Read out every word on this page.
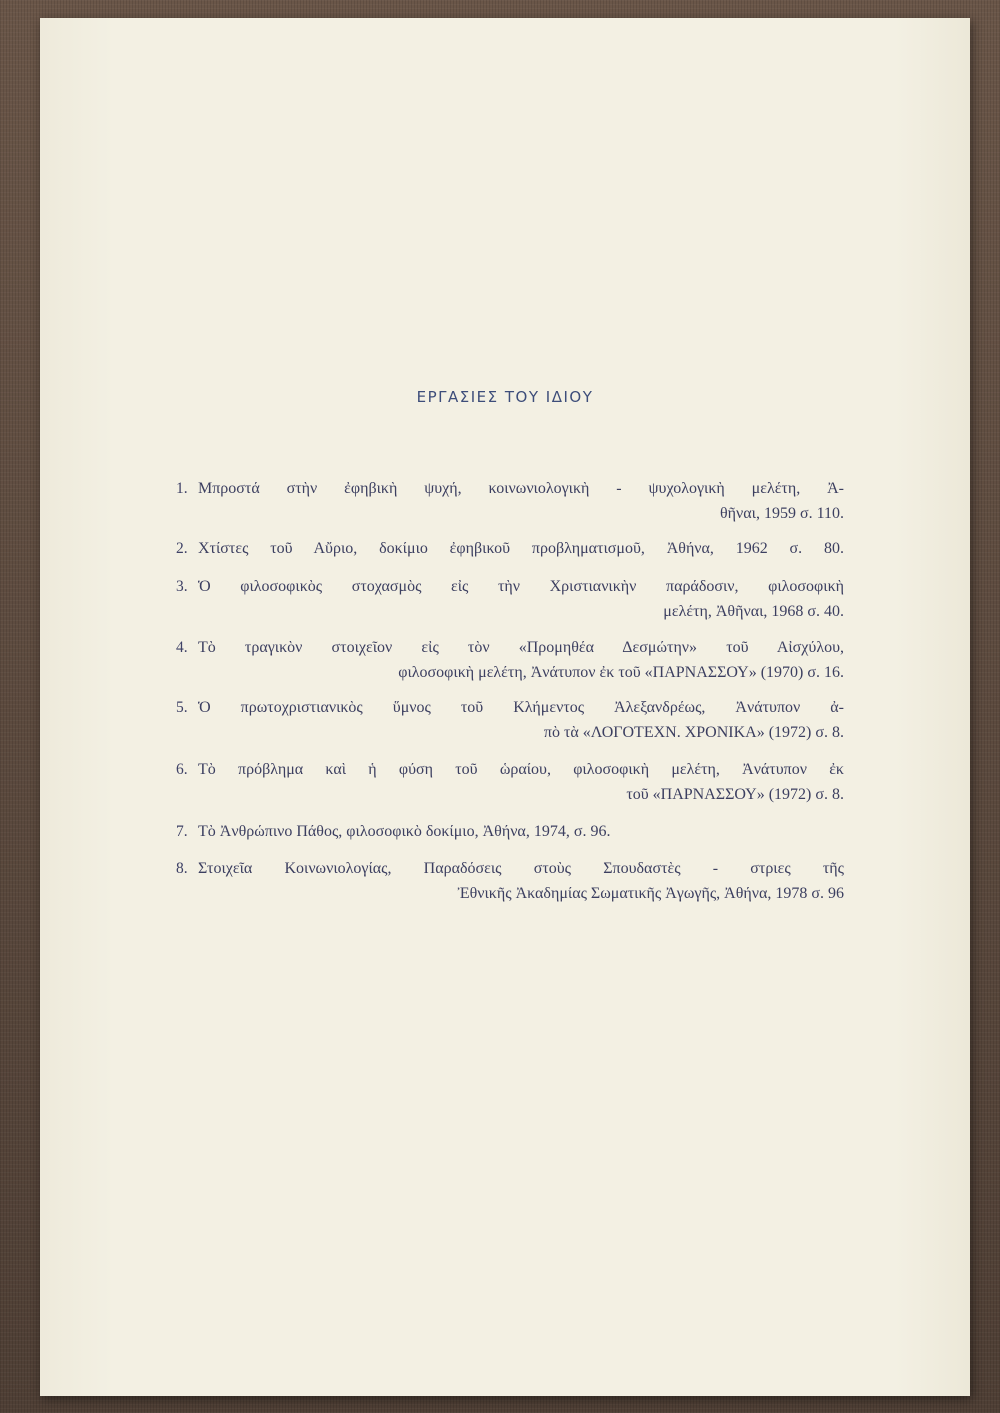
ΕΡΓΑΣΙΕΣ ΤΟΥ ΙΔΙΟΥ
1. Μπροστά στὴν ἐφηβικὴ ψυχή, κοινωνιολογικὴ - ψυχολογικὴ μελέτη, Ἀ-
θῆναι, 1959 σ. 110.
2. Χτίστες τοῦ Αὔριο, δοκίμιο ἐφηβικοῦ προβληματισμοῦ, Ἀθήνα, 1962 σ. 80.
3. Ὁ φιλοσοφικὸς στοχασμὸς εἰς τὴν Χριστιανικὴν παράδοσιν, φιλοσοφικὴ
μελέτη, Ἀθῆναι, 1968 σ. 40.
4. Τὸ τραγικὸν στοιχεῖον εἰς τὸν «Προμηθέα Δεσμώτην» τοῦ Αἰσχύλου,
φιλοσοφικὴ μελέτη, Ἀνάτυπον ἐκ τοῦ «ΠΑΡΝΑΣΣΟΥ» (1970) σ. 16.
5. Ὁ πρωτοχριστιανικὸς ὕμνος τοῦ Κλήμεντος Ἀλεξανδρέως, Ἀνάτυπον ἀ-
πὸ τὰ «ΛΟΓΟΤΕΧΝ. ΧΡΟΝΙΚΑ» (1972) σ. 8.
6. Τὸ πρόβλημα καὶ ἡ φύση τοῦ ὡραίου, φιλοσοφικὴ μελέτη, Ἀνάτυπον ἐκ
τοῦ «ΠΑΡΝΑΣΣΟΥ» (1972) σ. 8.
7. Τὸ Ἀνθρώπινο Πάθος, φιλοσοφικὸ δοκίμιο, Ἀθήνα, 1974, σ. 96.
8. Στοιχεῖα Κοινωνιολογίας, Παραδόσεις στοὺς Σπουδαστὲς - στριες τῆς
Ἐθνικῆς Ἀκαδημίας Σωματικῆς Ἀγωγῆς, Ἀθήνα, 1978 σ. 96
